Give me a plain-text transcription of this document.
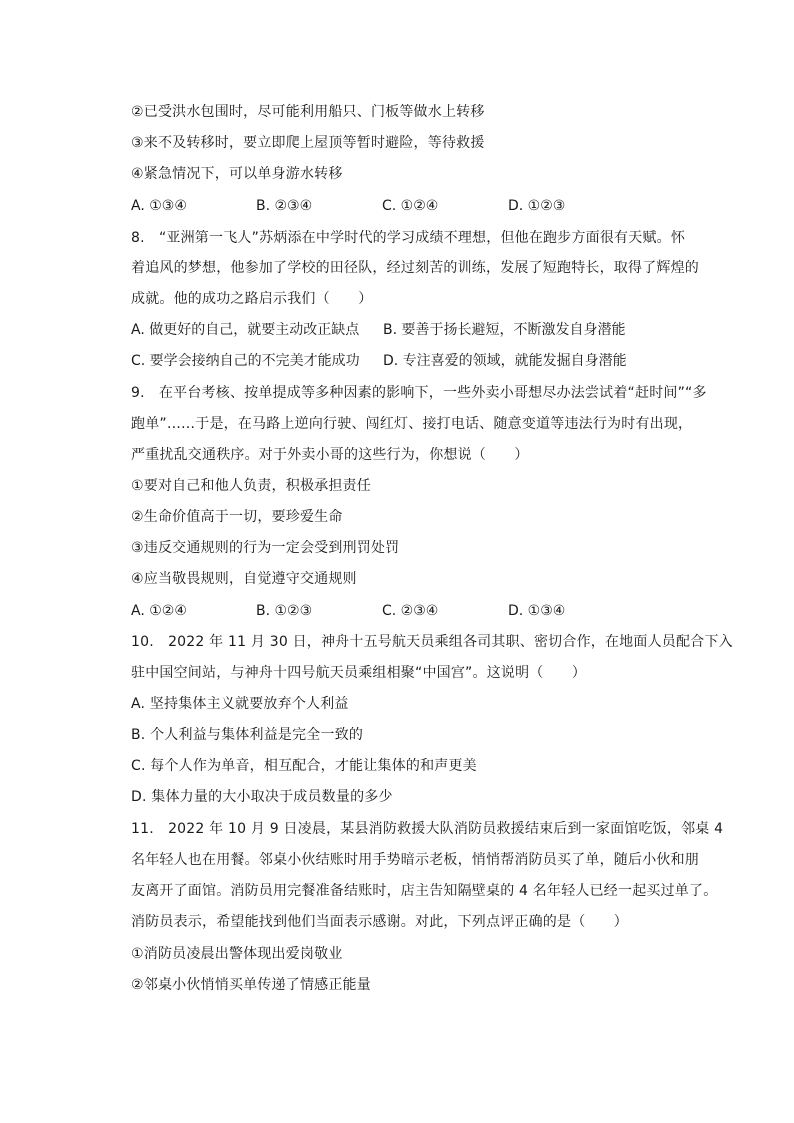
②已受洪水包围时，尽可能利用船只、门板等做水上转移
③来不及转移时，要立即爬上屋顶等暂时避险，等待救援
④紧急情况下，可以单身游水转移
A. ①③④	B. ②③④	C. ①②④	D. ①②③
8.　“亚洲第一飞人”苏炳添在中学时代的学习成绩不理想，但他在跑步方面很有天赋。怀
着追风的梦想，他参加了学校的田径队，经过刻苦的训练，发展了短跑特长，取得了辉煌的
成就。他的成功之路启示我们（　　）
A. 做更好的自己，就要主动改正缺点 B. 要善于扬长避短，不断激发自身潜能
C. 要学会接纳自己的不完美才能成功 D. 专注喜爱的领域，就能发掘自身潜能
9.　在平台考核、按单提成等多种因素的影响下，一些外卖小哥想尽办法尝试着“赶时间”“多
跑单”……于是，在马路上逆向行驶、闯红灯、接打电话、随意变道等违法行为时有出现，
严重扰乱交通秩序。对于外卖小哥的这些行为，你想说（　　）
①要对自己和他人负责，积极承担责任
②生命价值高于一切，要珍爱生命
③违反交通规则的行为一定会受到刑罚处罚
④应当敬畏规则，自觉遵守交通规则
A. ①②④	B. ①②③	C. ②③④	D. ①③④
10.　2022 年 11 月 30 日，神舟十五号航天员乘组各司其职、密切合作，在地面人员配合下入
驻中国空间站，与神舟十四号航天员乘组相聚“中国宫”。这说明（　　）
A. 坚持集体主义就要放弃个人利益
B. 个人利益与集体利益是完全一致的
C. 每个人作为单音，相互配合，才能让集体的和声更美
D. 集体力量的大小取决于成员数量的多少
11.　2022 年 10 月 9 日凌晨，某县消防救援大队消防员救援结束后到一家面馆吃饭，邻桌 4
名年轻人也在用餐。邻桌小伙结账时用手势暗示老板，悄悄帮消防员买了单，随后小伙和朋
友离开了面馆。消防员用完餐准备结账时，店主告知隔壁桌的 4 名年轻人已经一起买过单了。
消防员表示，希望能找到他们当面表示感谢。对此，下列点评正确的是（　　）
①消防员凌晨出警体现出爱岗敬业
②邻桌小伙悄悄买单传递了情感正能量
